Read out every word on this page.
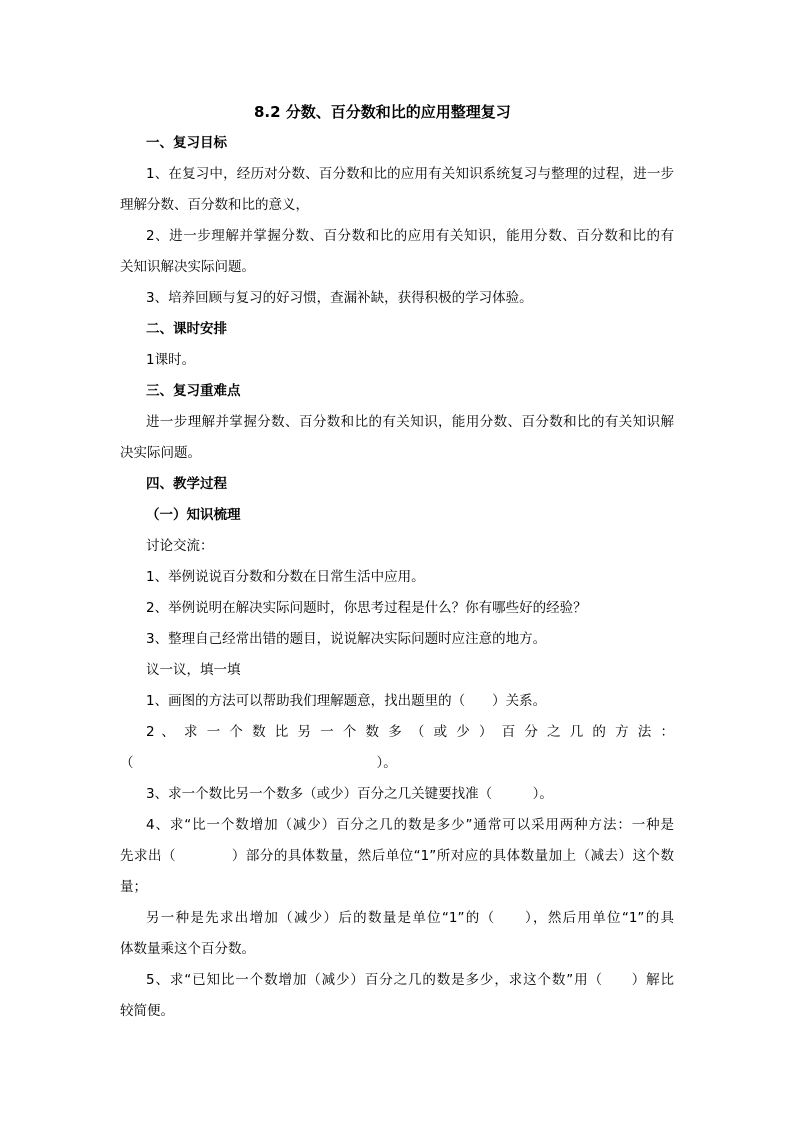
8.2 分数、百分数和比的应用整理复习
一、复习目标
1、在复习中，经历对分数、百分数和比的应用有关知识系统复习与整理的过程，进一步
理解分数、百分数和比的意义，
2、进一步理解并掌握分数、百分数和比的应用有关知识，能用分数、百分数和比的有
关知识解决实际问题。
3、培养回顾与复习的好习惯，查漏补缺，获得积极的学习体验。
二、课时安排
1课时。
三、复习重难点
进一步理解并掌握分数、百分数和比的有关知识，能用分数、百分数和比的有关知识解
决实际问题。
四、教学过程
（一）知识梳理
讨论交流：
1、举例说说百分数和分数在日常生活中应用。
2、举例说明在解决实际问题时，你思考过程是什么？你有哪些好的经验？
3、整理自己经常出错的题目，说说解决实际问题时应注意的地方。
议一议，填一填
1、画图的方法可以帮助我们理解题意，找出题里的（　　）关系。
2 、 求 一 个 数 比 另 一 个 数 多 （ 或 少 ） 百 分 之 几 的 方 法 ：
（　　　　　　　　　　　　　　　　　　）。
3、求一个数比另一个数多（或少）百分之几关键要找准（　　　）。
4、求“比一个数增加（减少）百分之几的数是多少”通常可以采用两种方法：一种是
先求出（　　　　）部分的具体数量，然后单位“1”所对应的具体数量加上（减去）这个数
量；
另一种是先求出增加（减少）后的数量是单位“1”的（　　），然后用单位“1”的具
体数量乘这个百分数。
5、求“已知比一个数增加（减少）百分之几的数是多少，求这个数”用（　　）解比
较简便。
